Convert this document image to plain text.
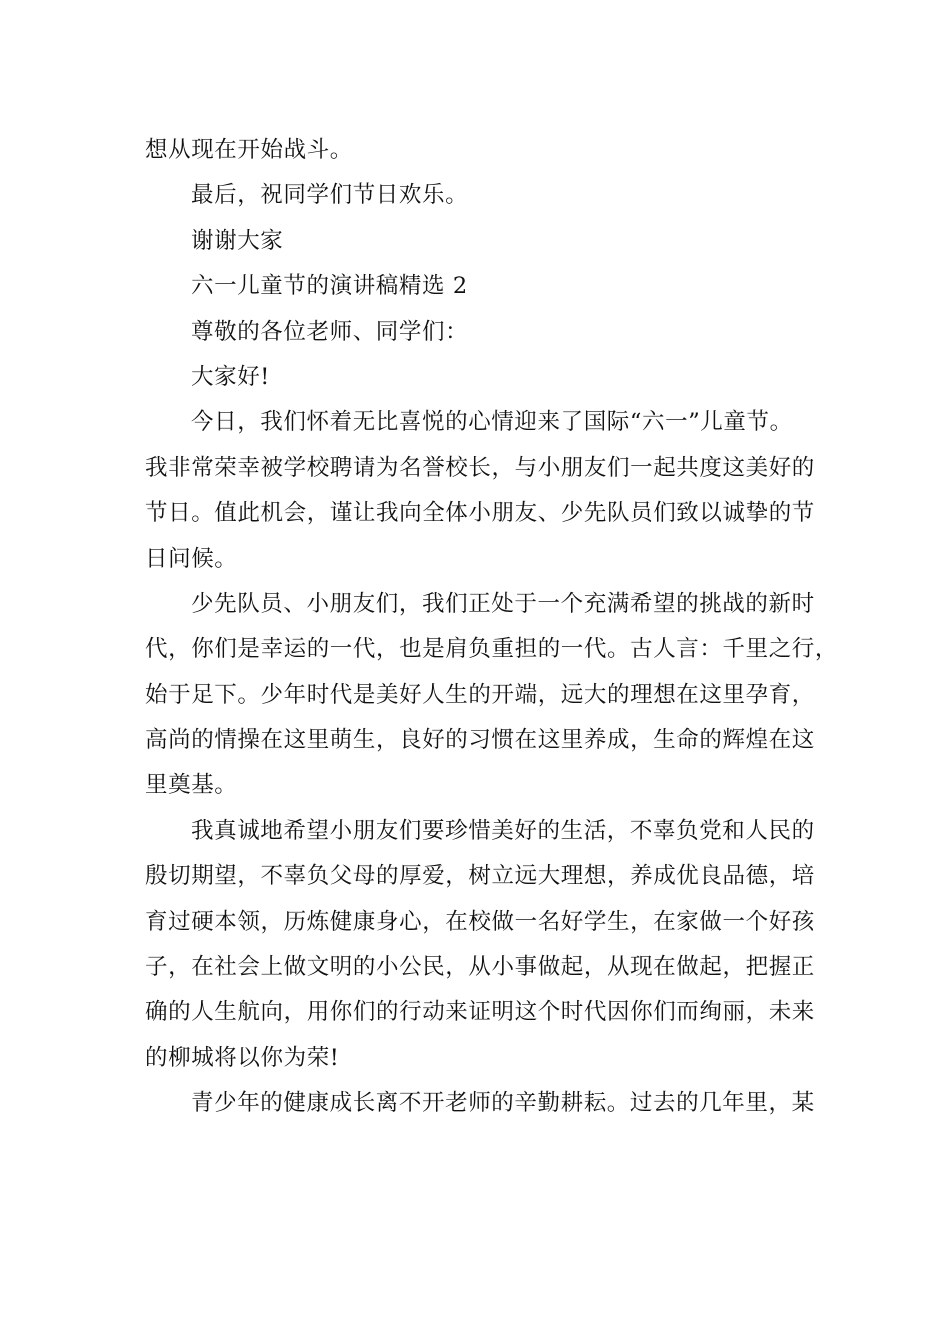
想从现在开始战斗。
最后，祝同学们节日欢乐。
谢谢大家
六一儿童节的演讲稿精选 2
尊敬的各位老师、同学们：
大家好!
今日，我们怀着无比喜悦的心情迎来了国际“六一”儿童节。
我非常荣幸被学校聘请为名誉校长，与小朋友们一起共度这美好的
节日。值此机会，谨让我向全体小朋友、少先队员们致以诚挚的节
日问候。
少先队员、小朋友们，我们正处于一个充满希望的挑战的新时
代，你们是幸运的一代，也是肩负重担的一代。古人言：千里之行，
始于足下。少年时代是美好人生的开端，远大的理想在这里孕育，
高尚的情操在这里萌生，良好的习惯在这里养成，生命的辉煌在这
里奠基。
我真诚地希望小朋友们要珍惜美好的生活，不辜负党和人民的
殷切期望，不辜负父母的厚爱，树立远大理想，养成优良品德，培
育过硬本领，历炼健康身心，在校做一名好学生，在家做一个好孩
子，在社会上做文明的小公民，从小事做起，从现在做起，把握正
确的人生航向，用你们的行动来证明这个时代因你们而绚丽，未来
的柳城将以你为荣!
青少年的健康成长离不开老师的辛勤耕耘。过去的几年里，某
